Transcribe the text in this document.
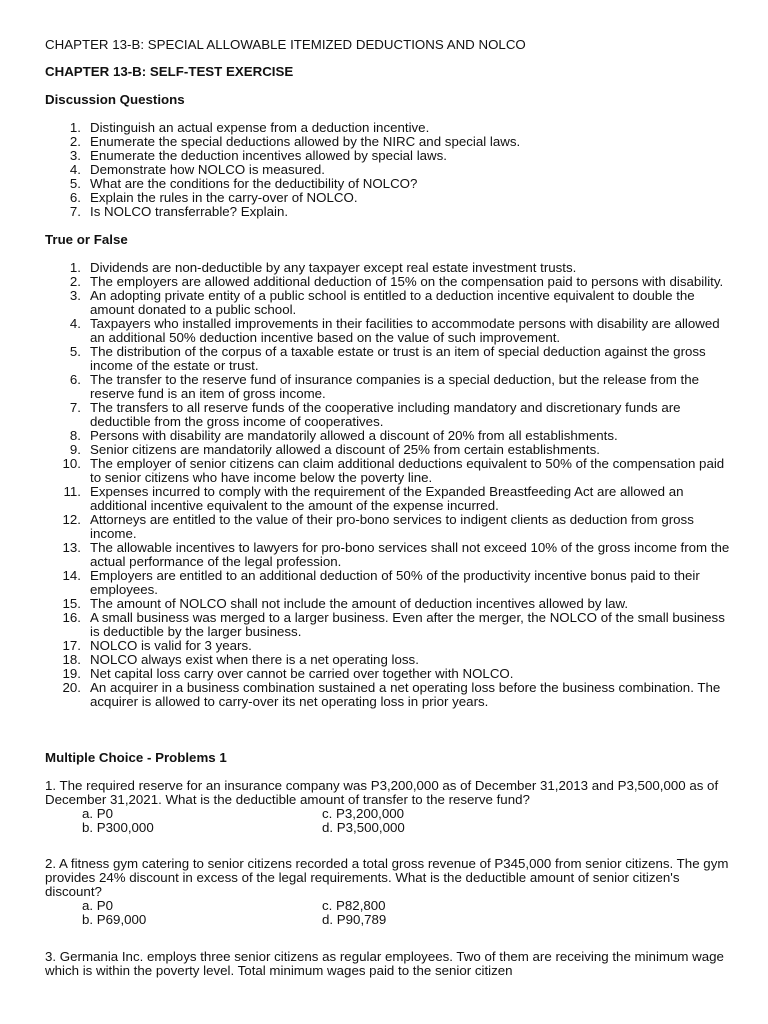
CHAPTER 13-B: SPECIAL ALLOWABLE ITEMIZED DEDUCTIONS AND NOLCO
CHAPTER 13-B: SELF-TEST EXERCISE
Discussion Questions
1. Distinguish an actual expense from a deduction incentive.
2. Enumerate the special deductions allowed by the NIRC and special laws.
3. Enumerate the deduction incentives allowed by special laws.
4. Demonstrate how NOLCO is measured.
5. What are the conditions for the deductibility of NOLCO?
6. Explain the rules in the carry-over of NOLCO.
7. Is NOLCO transferrable? Explain.
True or False
1. Dividends are non-deductible by any taxpayer except real estate investment trusts.
2. The employers are allowed additional deduction of 15% on the compensation paid to persons with disability.
3. An adopting private entity of a public school is entitled to a deduction incentive equivalent to double the amount donated to a public school.
4. Taxpayers who installed improvements in their facilities to accommodate persons with disability are allowed an additional 50% deduction incentive based on the value of such improvement.
5. The distribution of the corpus of a taxable estate or trust is an item of special deduction against the gross income of the estate or trust.
6. The transfer to the reserve fund of insurance companies is a special deduction, but the release from the reserve fund is an item of gross income.
7. The transfers to all reserve funds of the cooperative including mandatory and discretionary funds are deductible from the gross income of cooperatives.
8. Persons with disability are mandatorily allowed a discount of 20% from all establishments.
9. Senior citizens are mandatorily allowed a discount of 25% from certain establishments.
10. The employer of senior citizens can claim additional deductions equivalent to 50% of the compensation paid to senior citizens who have income below the poverty line.
11. Expenses incurred to comply with the requirement of the Expanded Breastfeeding Act are allowed an additional incentive equivalent to the amount of the expense incurred.
12. Attorneys are entitled to the value of their pro-bono services to indigent clients as deduction from gross income.
13. The allowable incentives to lawyers for pro-bono services shall not exceed 10% of the gross income from the actual performance of the legal profession.
14. Employers are entitled to an additional deduction of 50% of the productivity incentive bonus paid to their employees.
15. The amount of NOLCO shall not include the amount of deduction incentives allowed by law.
16. A small business was merged to a larger business. Even after the merger, the NOLCO of the small business is deductible by the larger business.
17. NOLCO is valid for 3 years.
18. NOLCO always exist when there is a net operating loss.
19. Net capital loss carry over cannot be carried over together with NOLCO.
20. An acquirer in a business combination sustained a net operating loss before the business combination. The acquirer is allowed to carry-over its net operating loss in prior years.
Multiple Choice - Problems 1
1. The required reserve for an insurance company was P3,200,000 as of December 31,2013 and P3,500,000 as of December 31,2021. What is the deductible amount of transfer to the reserve fund?
a. P0	c. P3,200,000
b. P300,000	d. P3,500,000
2. A fitness gym catering to senior citizens recorded a total gross revenue of P345,000 from senior citizens. The gym provides 24% discount in excess of the legal requirements. What is the deductible amount of senior citizen's discount?
a. P0	c. P82,800
b. P69,000	d. P90,789
3. Germania Inc. employs three senior citizens as regular employees. Two of them are receiving the minimum wage which is within the poverty level. Total minimum wages paid to the senior citizen
